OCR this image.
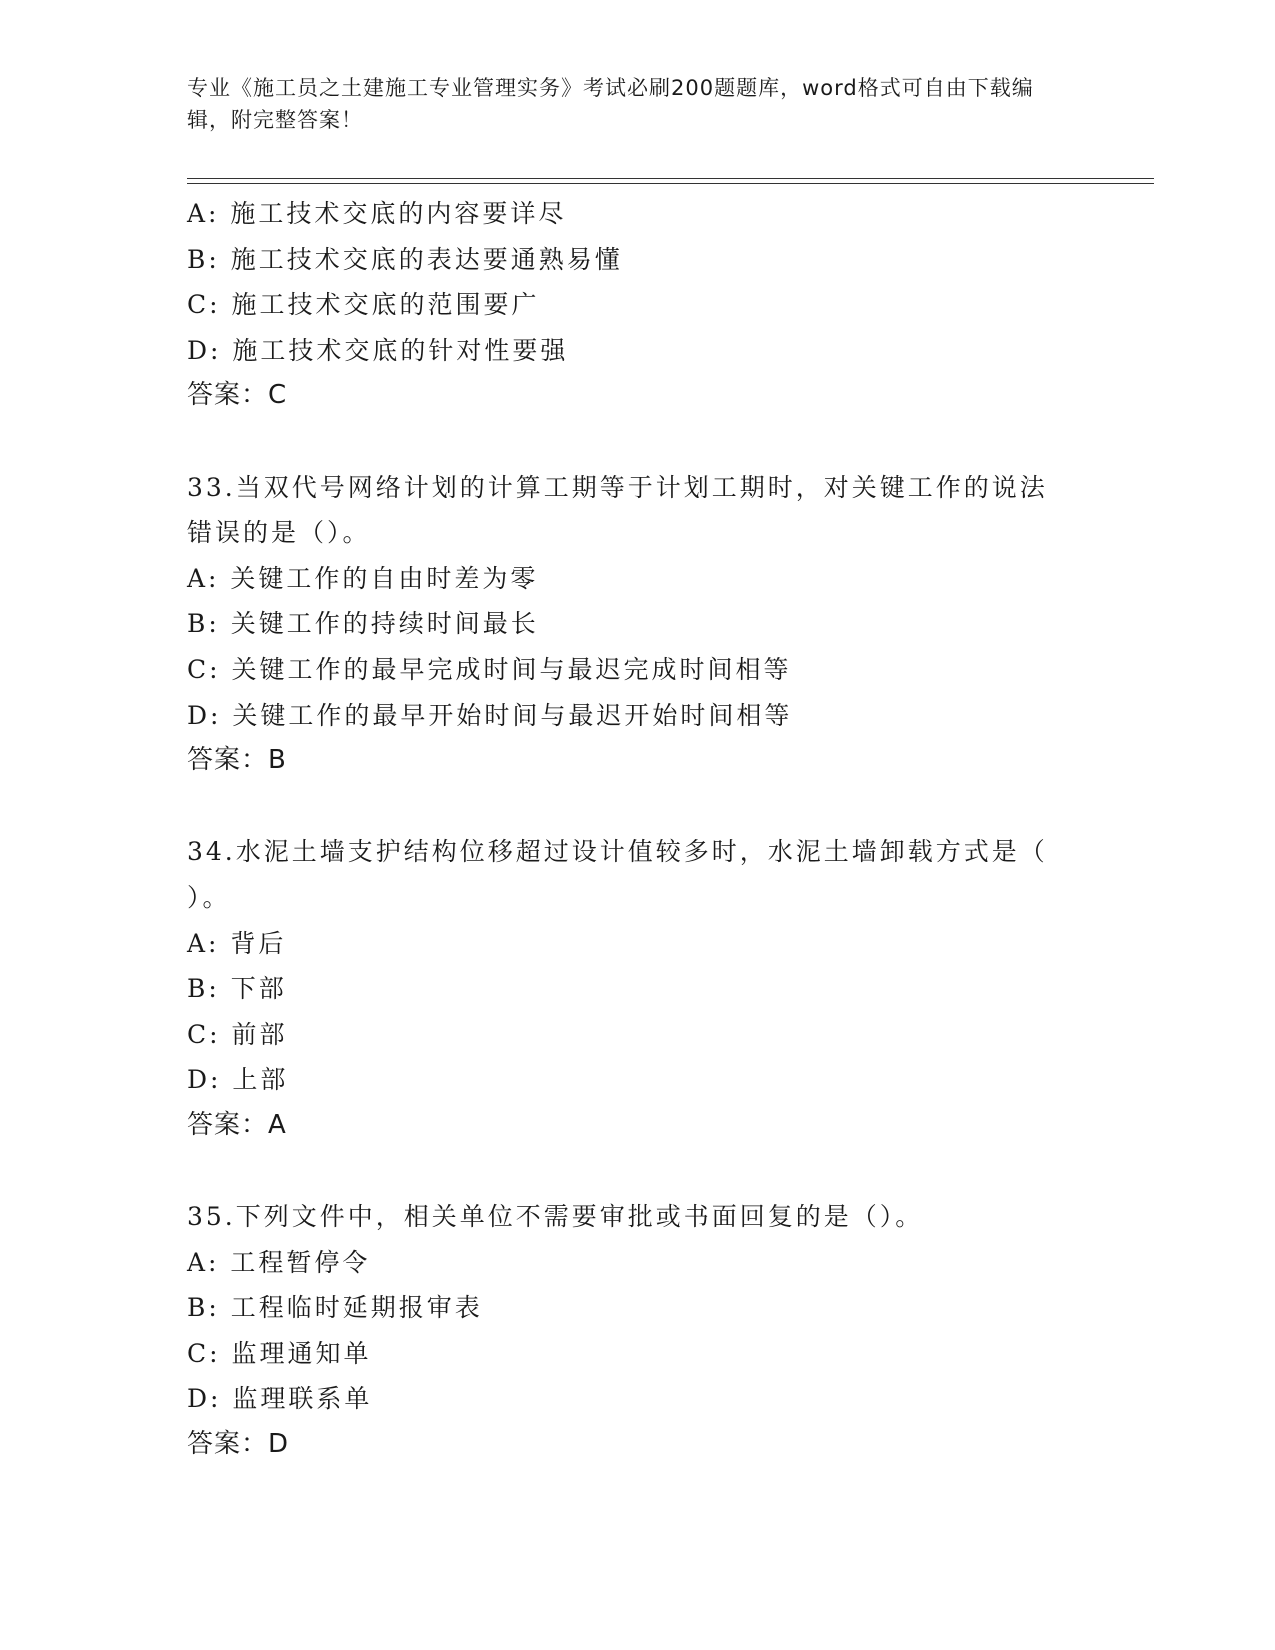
专业《施工员之土建施工专业管理实务》考试必刷200题题库，word格式可自由下载编辑，附完整答案！
A: 施工技术交底的内容要详尽
B: 施工技术交底的表达要通熟易懂
C: 施工技术交底的范围要广
D: 施工技术交底的针对性要强
答案：C
33.当双代号网络计划的计算工期等于计划工期时，对关键工作的说法
错误的是（）。
A: 关键工作的自由时差为零
B: 关键工作的持续时间最长
C: 关键工作的最早完成时间与最迟完成时间相等
D: 关键工作的最早开始时间与最迟开始时间相等
答案：B
34.水泥土墙支护结构位移超过设计值较多时，水泥土墙卸载方式是（
）。
A: 背后
B: 下部
C: 前部
D: 上部
答案：A
35.下列文件中，相关单位不需要审批或书面回复的是（）。
A: 工程暂停令
B: 工程临时延期报审表
C: 监理通知单
D: 监理联系单
答案：D
